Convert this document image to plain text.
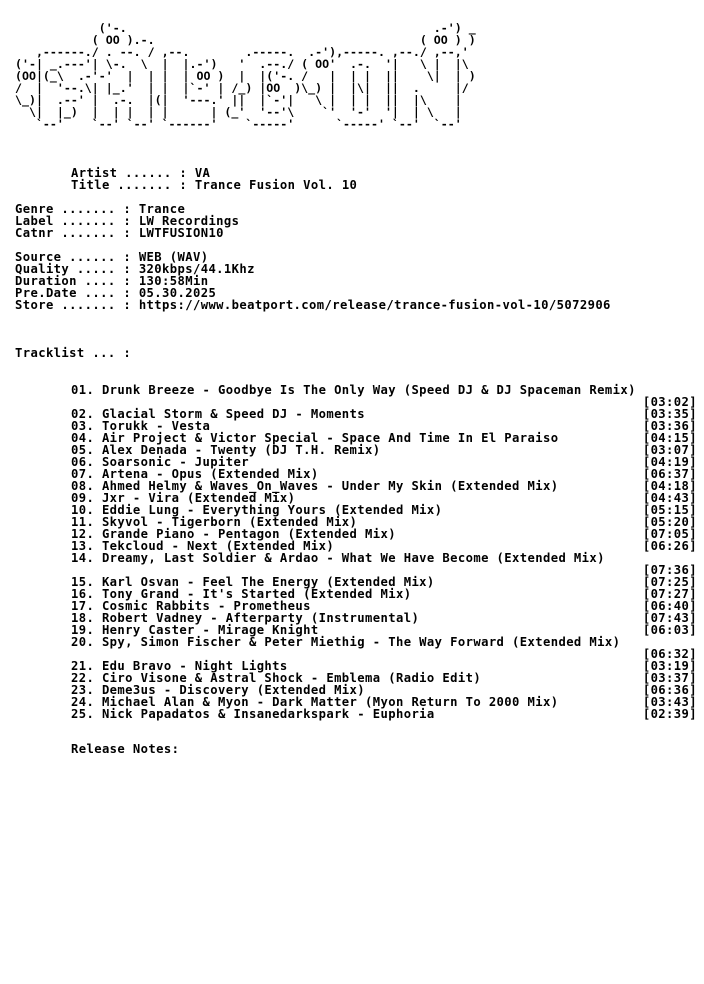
('-.                                            .-') _
( OO ).-.                                      ( OO ) )
,------./ . --. / ,--.        .-----.  .-'),-----. ,--./ ,--,'
('-| _.---'| \-.  \  |  |.-')   '  .--./ ( OO'  .-.  '|   \ |  |\
(OO|(_\  .-'-'  |  | |  | OO )  |  |('-. /   |  | |  ||    \|  | )
/  |  '--.\| |_.'  | |  |`-' | /_) |OO  )\_) |  |\|  ||  .     |/
\_)|  .--' |  .-.  |(|  '---.' ||  |`-'|   \ |  | |  ||  |\    |
\|  |_)  |  | |  | |      | (_'  '--'\    `'  '-'  '|  | \   |
`--'    `--' `--' `------'    `-----'      `-----' `--'  `--'
Artist ...... : VA
Title ....... : Trance Fusion Vol. 10
Genre ....... : Trance
Label ....... : LW Recordings
Catnr ....... : LWTFUSION10
Source ...... : WEB (WAV)
Quality ..... : 320kbps/44.1Khz
Duration .... : 130:58Min
Pre.Date .... : 05.30.2025
Store ....... : https://www.beatport.com/release/trance-fusion-vol-10/5072906
Tracklist ... :
01. Drunk Breeze - Goodbye Is The Only Way (Speed DJ & DJ Spaceman Remix)
[03:02]
02. Glacial Storm & Speed DJ - Moments	[03:35]
03. Torukk - Vesta	[03:36]
04. Air Project & Victor Special - Space And Time In El Paraiso	[04:15]
05. Alex Denada - Twenty (DJ T.H. Remix)	[03:07]
06. Soarsonic - Jupiter	[04:19]
07. Artena - Opus (Extended Mix)	[06:37]
08. Ahmed Helmy & Waves_On_Waves - Under My Skin (Extended Mix)	[04:18]
09. Jxr - Vira (Extended Mix)	[04:43]
10. Eddie Lung - Everything Yours (Extended Mix)	[05:15]
11. Skyvol - Tigerborn (Extended Mix)	[05:20]
12. Grande Piano - Pentagon (Extended Mix)	[07:05]
13. Tekcloud - Next (Extended Mix)	[06:26]
14. Dreamy, Last Soldier & Ardao - What We Have Become (Extended Mix)
[07:36]
15. Karl Osvan - Feel The Energy (Extended Mix)	[07:25]
16. Tony Grand - It's Started (Extended Mix)	[07:27]
17. Cosmic Rabbits - Prometheus	[06:40]
18. Robert Vadney - Afterparty (Instrumental)	[07:43]
19. Henry Caster - Mirage Knight	[06:03]
20. Spy, Simon Fischer & Peter Miethig - The Way Forward (Extended Mix)
[06:32]
21. Edu Bravo - Night Lights	[03:19]
22. Ciro Visone & Astral Shock - Emblema (Radio Edit)	[03:37]
23. Deme3us - Discovery (Extended Mix)	[06:36]
24. Michael Alan & Myon - Dark Matter (Myon Return To 2000 Mix)	[03:43]
25. Nick Papadatos & Insanedarkspark - Euphoria	[02:39]
Release Notes:
